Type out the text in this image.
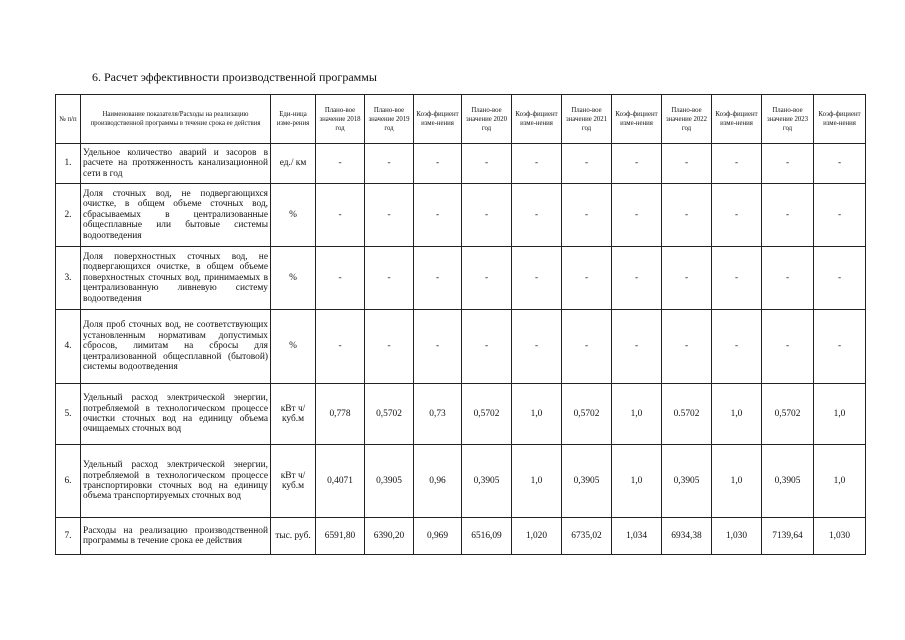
6. Расчет эффективности производственной программы
№ п/п	Наименование показателя/Расходы на реализацию производственной программы в течение срока ее действия	Еди-ница изме-рения	Плано-вое значение 2018 год	Плано-вое значение 2019 год	Коэф-фициент изме-нения	Плано-вое значение 2020 год	Коэф-фициент изме-нения	Плано-вое значение 2021 год	Коэф-фициент изме-нения	Плано-вое значение 2022 год	Коэф-фициент изме-нения	Плано-вое значение 2023 год	Коэф-фициент изме-нения
1.	Удельное количество аварий и засоров в расчете на протяженность канализационной сети в год	ед./ км	-	-	-	-	-	-	-	-	-	-	-
2.	Доля сточных вод, не подвергающихся очистке, в общем объеме сточных вод, сбрасываемых в централизованные общесплавные или бытовые системы водоотведения	%	-	-	-	-	-	-	-	-	-	-	-
3.	Доля поверхностных сточных вод, не подвергающихся очистке, в общем объеме поверхностных сточных вод, принимаемых в централизованную ливневую систему водоотведения	%	-	-	-	-	-	-	-	-	-	-	-
4.	Доля проб сточных вод, не соответствующих установленным нормативам допустимых сбросов, лимитам на сбросы для централизованной общесплавной (бытовой) системы водоотведения	%	-	-	-	-	-	-	-	-	-	-	-
5.	Удельный расход электрической энергии, потребляемой в технологическом процессе очистки сточных вод на единицу объема очищаемых сточных вод	кВт ч/куб.м	0,778	0,5702	0,73	0,5702	1,0	0,5702	1,0	0.5702	1,0	0,5702	1,0
6.	Удельный расход электрической энергии, потребляемой в технологическом процессе транспортировки сточных вод на единицу объема транспортируемых сточных вод	кВт ч/куб.м	0,4071	0,3905	0,96	0,3905	1,0	0,3905	1,0	0,3905	1,0	0,3905	1,0
7.	Расходы на реализацию производственной программы в течение срока ее действия	тыс. руб.	6591,80	6390,20	0,969	6516,09	1,020	6735,02	1,034	6934,38	1,030	7139,64	1,030
